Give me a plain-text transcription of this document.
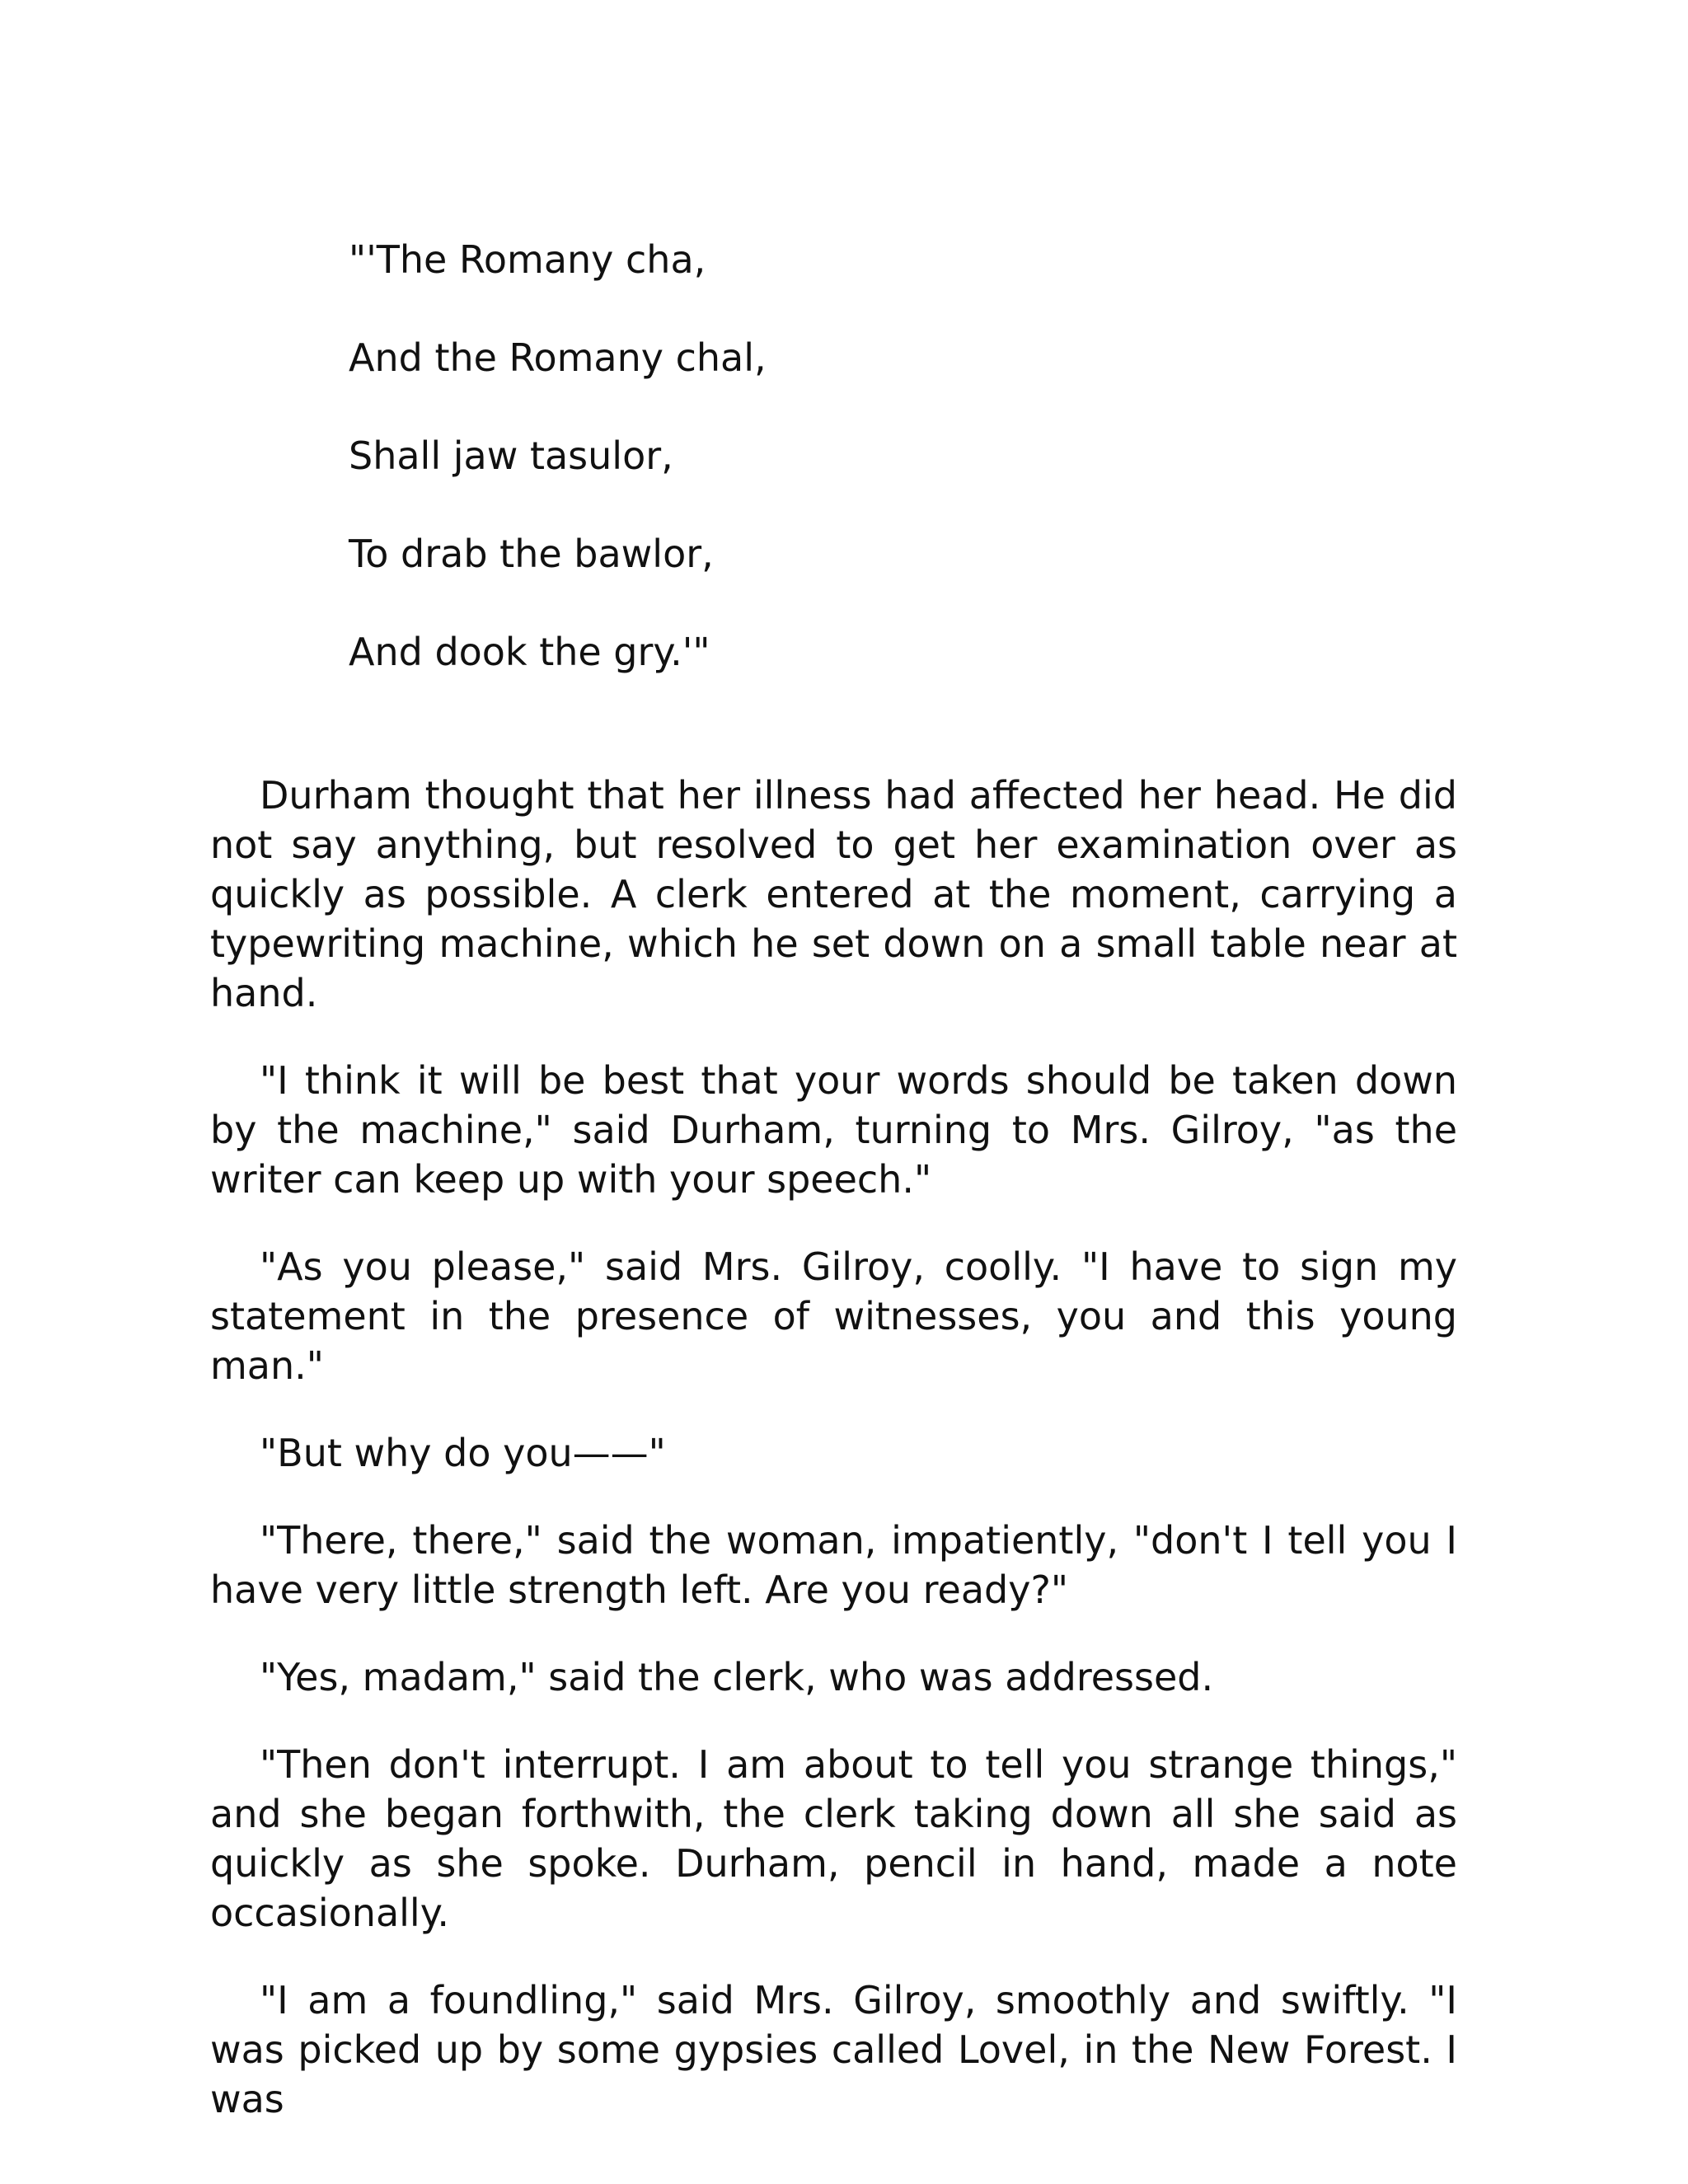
"'The Romany cha,
And the Romany chal,
Shall jaw tasulor,
To drab the bawlor,
And dook the gry.'"

Durham thought that her illness had affected her head. He did not say anything, but resolved to get her examination over as quickly as possible. A clerk entered at the moment, carrying a typewriting machine, which he set down on a small table near at hand.

"I think it will be best that your words should be taken down by the machine," said Durham, turning to Mrs. Gilroy, "as the writer can keep up with your speech."

"As you please," said Mrs. Gilroy, coolly. "I have to sign my statement in the presence of witnesses, you and this young man."

"But why do you——"

"There, there," said the woman, impatiently, "don't I tell you I have very little strength left. Are you ready?"

"Yes, madam," said the clerk, who was addressed.

"Then don't interrupt. I am about to tell you strange things," and she began forthwith, the clerk taking down all she said as quickly as she spoke. Durham, pencil in hand, made a note occasionally.

"I am a foundling," said Mrs. Gilroy, smoothly and swiftly. "I was picked up by some gypsies called Lovel, in the New Forest. I was
